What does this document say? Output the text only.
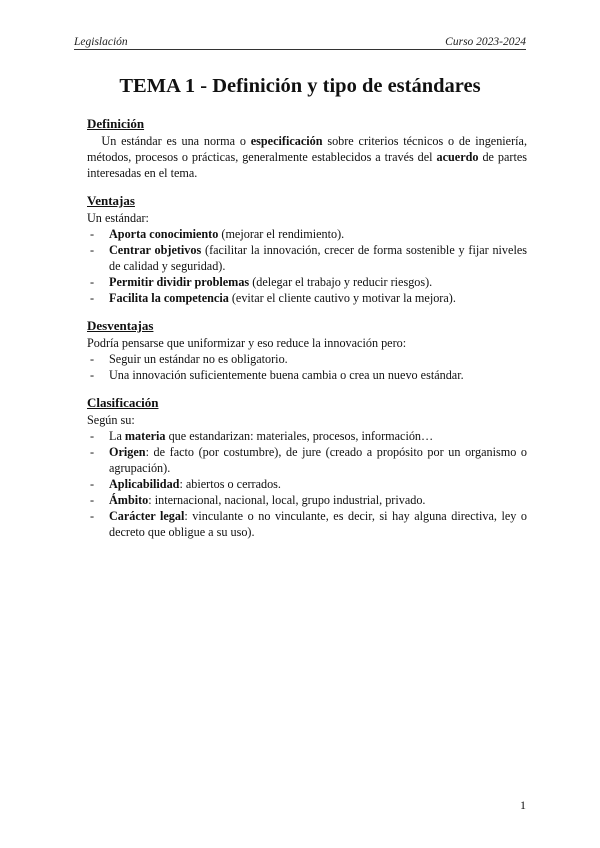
Legislación	Curso 2023-2024
TEMA 1 - Definición y tipo de estándares
Definición

Un estándar es una norma o especificación sobre criterios técnicos o de ingeniería, métodos, procesos o prácticas, generalmente establecidos a través del acuerdo de partes interesadas en el tema.

Ventajas

Un estándar:

- Aporta conocimiento (mejorar el rendimiento).
- Centrar objetivos (facilitar la innovación, crecer de forma sostenible y fijar niveles de calidad y seguridad).
- Permitir dividir problemas (delegar el trabajo y reducir riesgos).
- Facilita la competencia (evitar el cliente cautivo y motivar la mejora).
Desventajas

Podría pensarse que uniformizar y eso reduce la innovación pero:

- Seguir un estándar no es obligatorio.
- Una innovación suficientemente buena cambia o crea un nuevo estándar.
Clasificación

Según su:

- La materia que estandarizan: materiales, procesos, información…
- Origen: de facto (por costumbre), de jure (creado a propósito por un organismo o agrupación).
- Aplicabilidad: abiertos o cerrados.
- Ámbito: internacional, nacional, local, grupo industrial, privado.
- Carácter legal: vinculante o no vinculante, es decir, si hay alguna directiva, ley o decreto que obligue a su uso).
1
